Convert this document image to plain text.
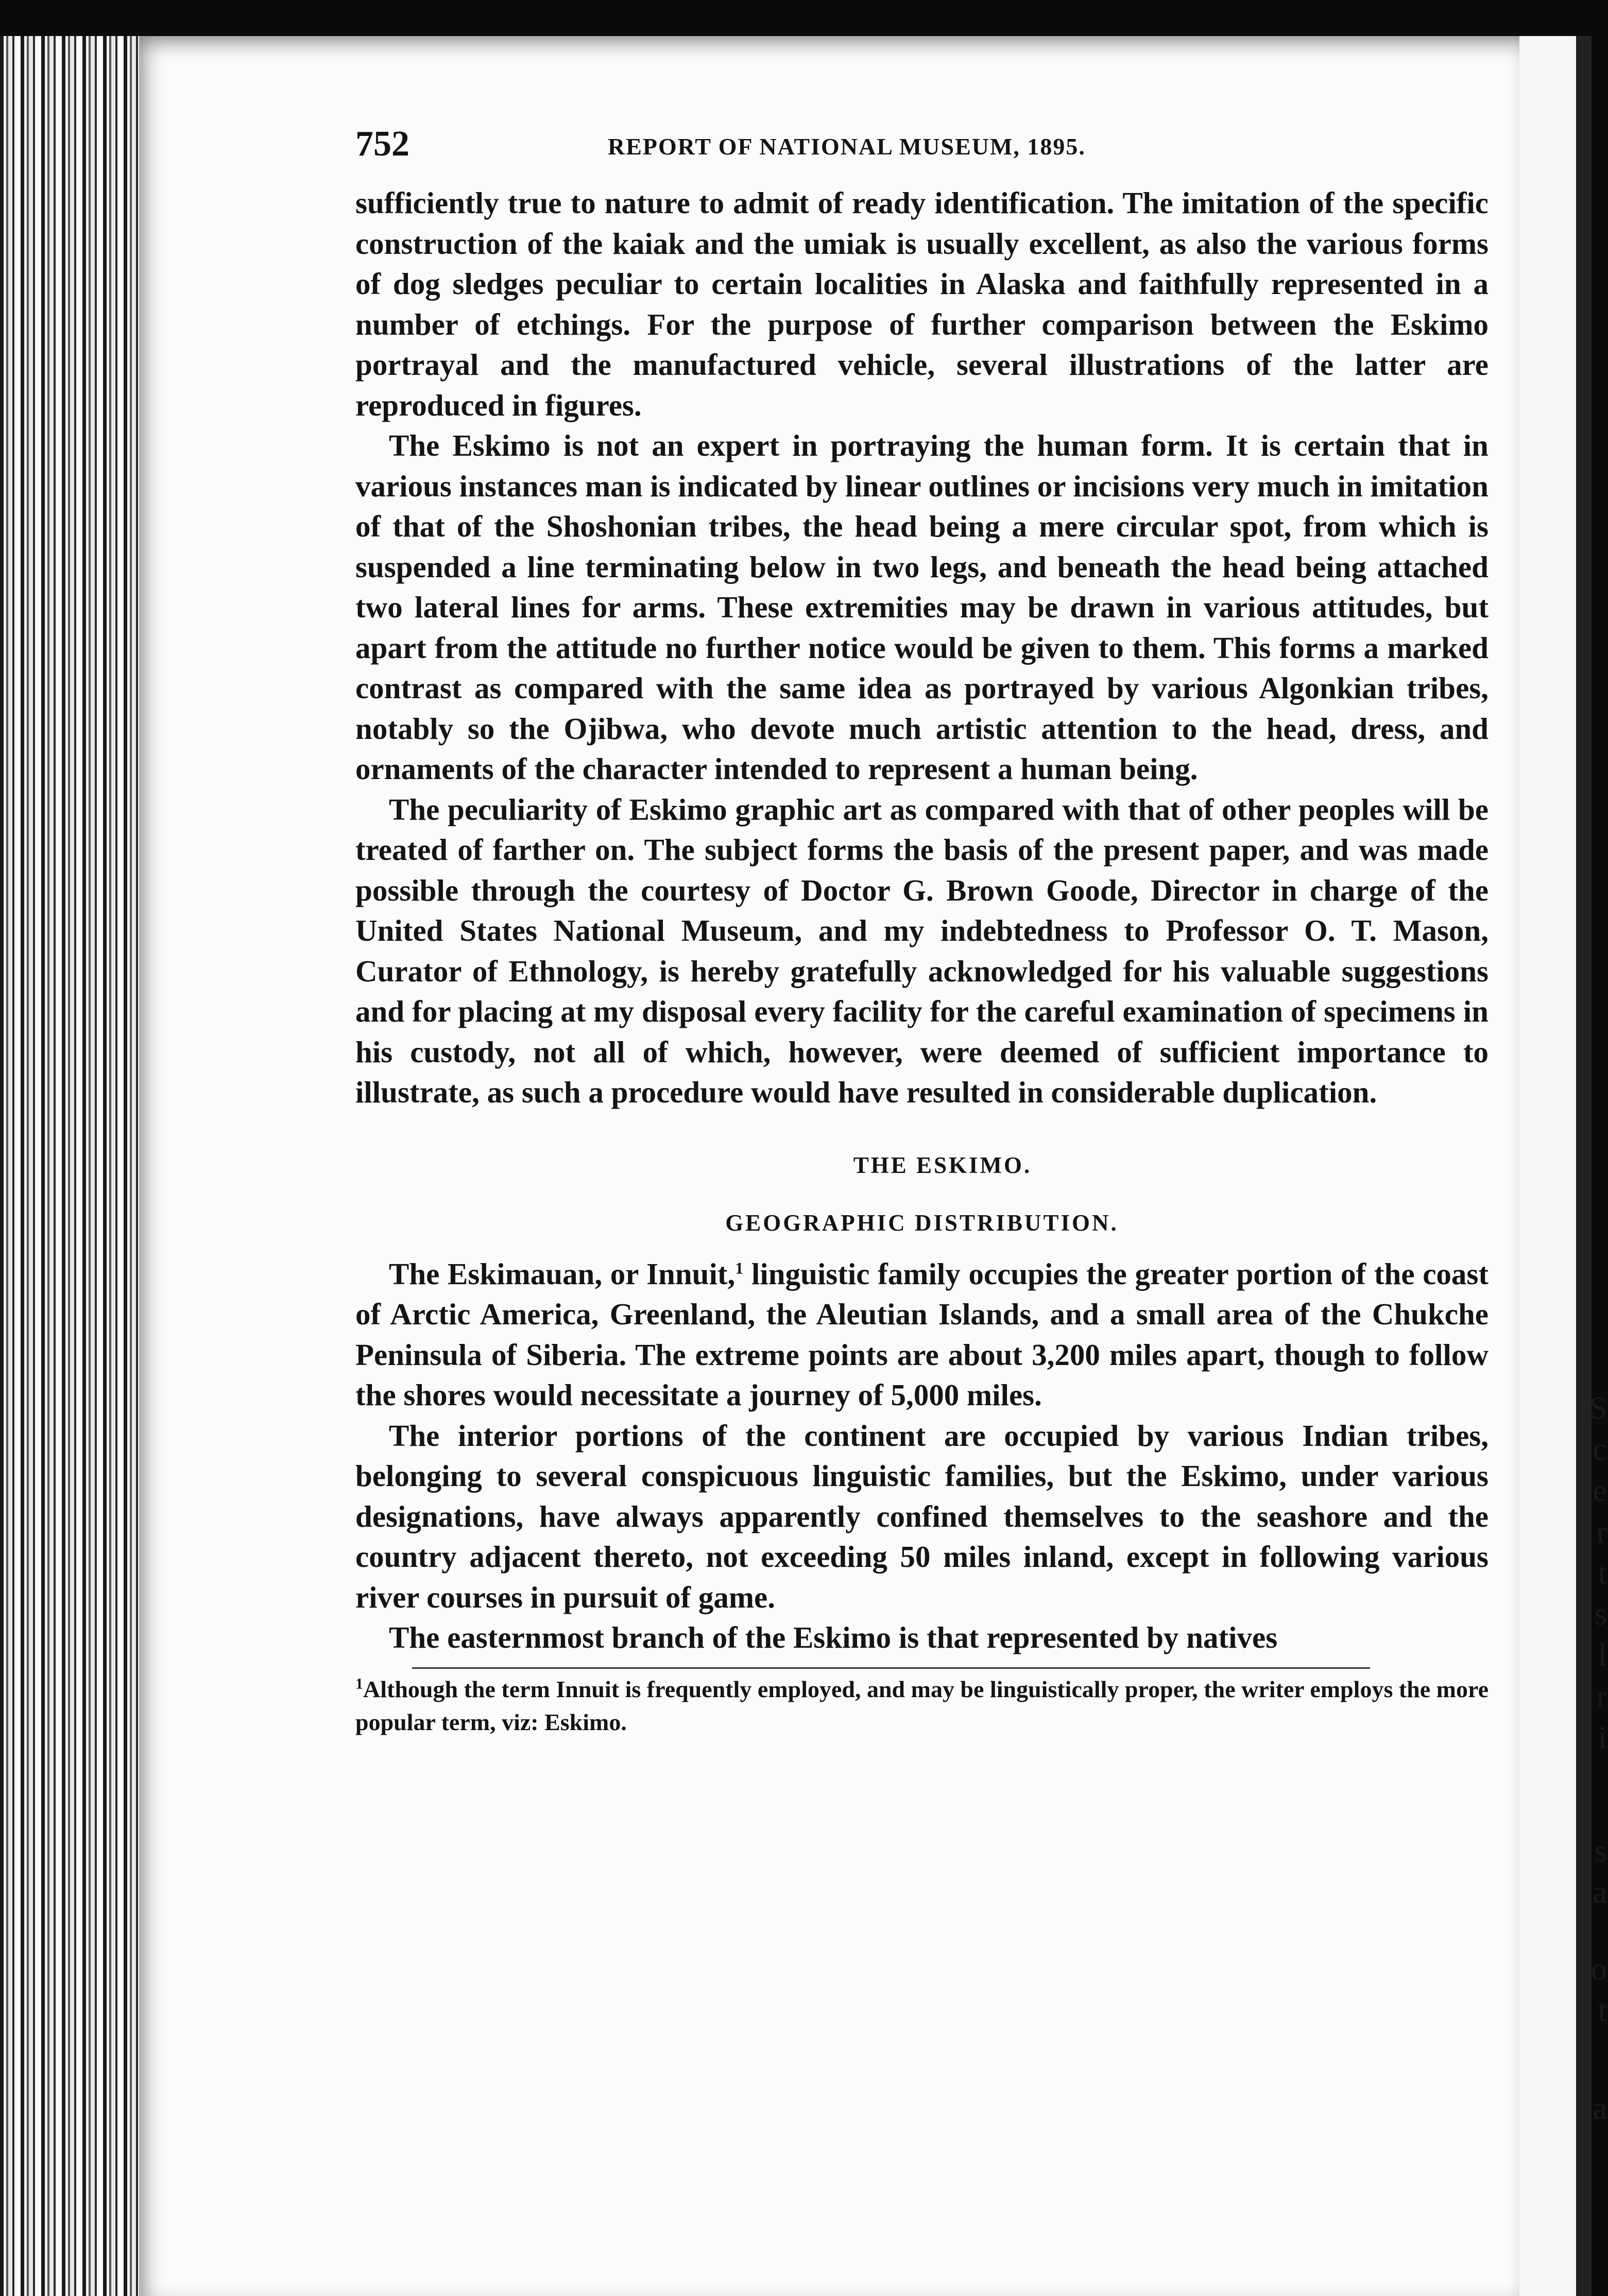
S
c
e
r
t
s
l
r
i
s
a
o
t
a
752	REPORT OF NATIONAL MUSEUM, 1895.

sufficiently true to nature to admit of ready identification. The imitation of the specific construction of the kaiak and the umiak is usually excellent, as also the various forms of dog sledges peculiar to certain localities in Alaska and faithfully represented in a number of etchings. For the purpose of further comparison between the Eskimo portrayal and the manufactured vehicle, several illustrations of the latter are reproduced in figures.

The Eskimo is not an expert in portraying the human form. It is certain that in various instances man is indicated by linear outlines or incisions very much in imitation of that of the Shoshonian tribes, the head being a mere circular spot, from which is suspended a line terminating below in two legs, and beneath the head being attached two lateral lines for arms. These extremities may be drawn in various attitudes, but apart from the attitude no further notice would be given to them. This forms a marked contrast as compared with the same idea as portrayed by various Algonkian tribes, notably so the Ojibwa, who devote much artistic attention to the head, dress, and ornaments of the character intended to represent a human being.

The peculiarity of Eskimo graphic art as compared with that of other peoples will be treated of farther on. The subject forms the basis of the present paper, and was made possible through the courtesy of Doctor G. Brown Goode, Director in charge of the United States National Museum, and my indebtedness to Professor O. T. Mason, Curator of Ethnology, is hereby gratefully acknowledged for his valuable suggestions and for placing at my disposal every facility for the careful examination of specimens in his custody, not all of which, however, were deemed of sufficient importance to illustrate, as such a procedure would have resulted in considerable duplication.

THE ESKIMO.
GEOGRAPHIC DISTRIBUTION.

The Eskimauan, or Innuit,$^1$ linguistic family occupies the greater portion of the coast of Arctic America, Greenland, the Aleutian Islands, and a small area of the Chukche Peninsula of Siberia. The extreme points are about 3,200 miles apart, though to follow the shores would necessitate a journey of 5,000 miles.

The interior portions of the continent are occupied by various Indian tribes, belonging to several conspicuous linguistic families, but the Eskimo, under various designations, have always apparently confined themselves to the seashore and the country adjacent thereto, not exceeding 50 miles inland, except in following various river courses in pursuit of game.

The easternmost branch of the Eskimo is that represented by natives

$^1$Although the term Innuit is frequently employed, and may be linguistically proper, the writer employs the more popular term, viz: Eskimo.
